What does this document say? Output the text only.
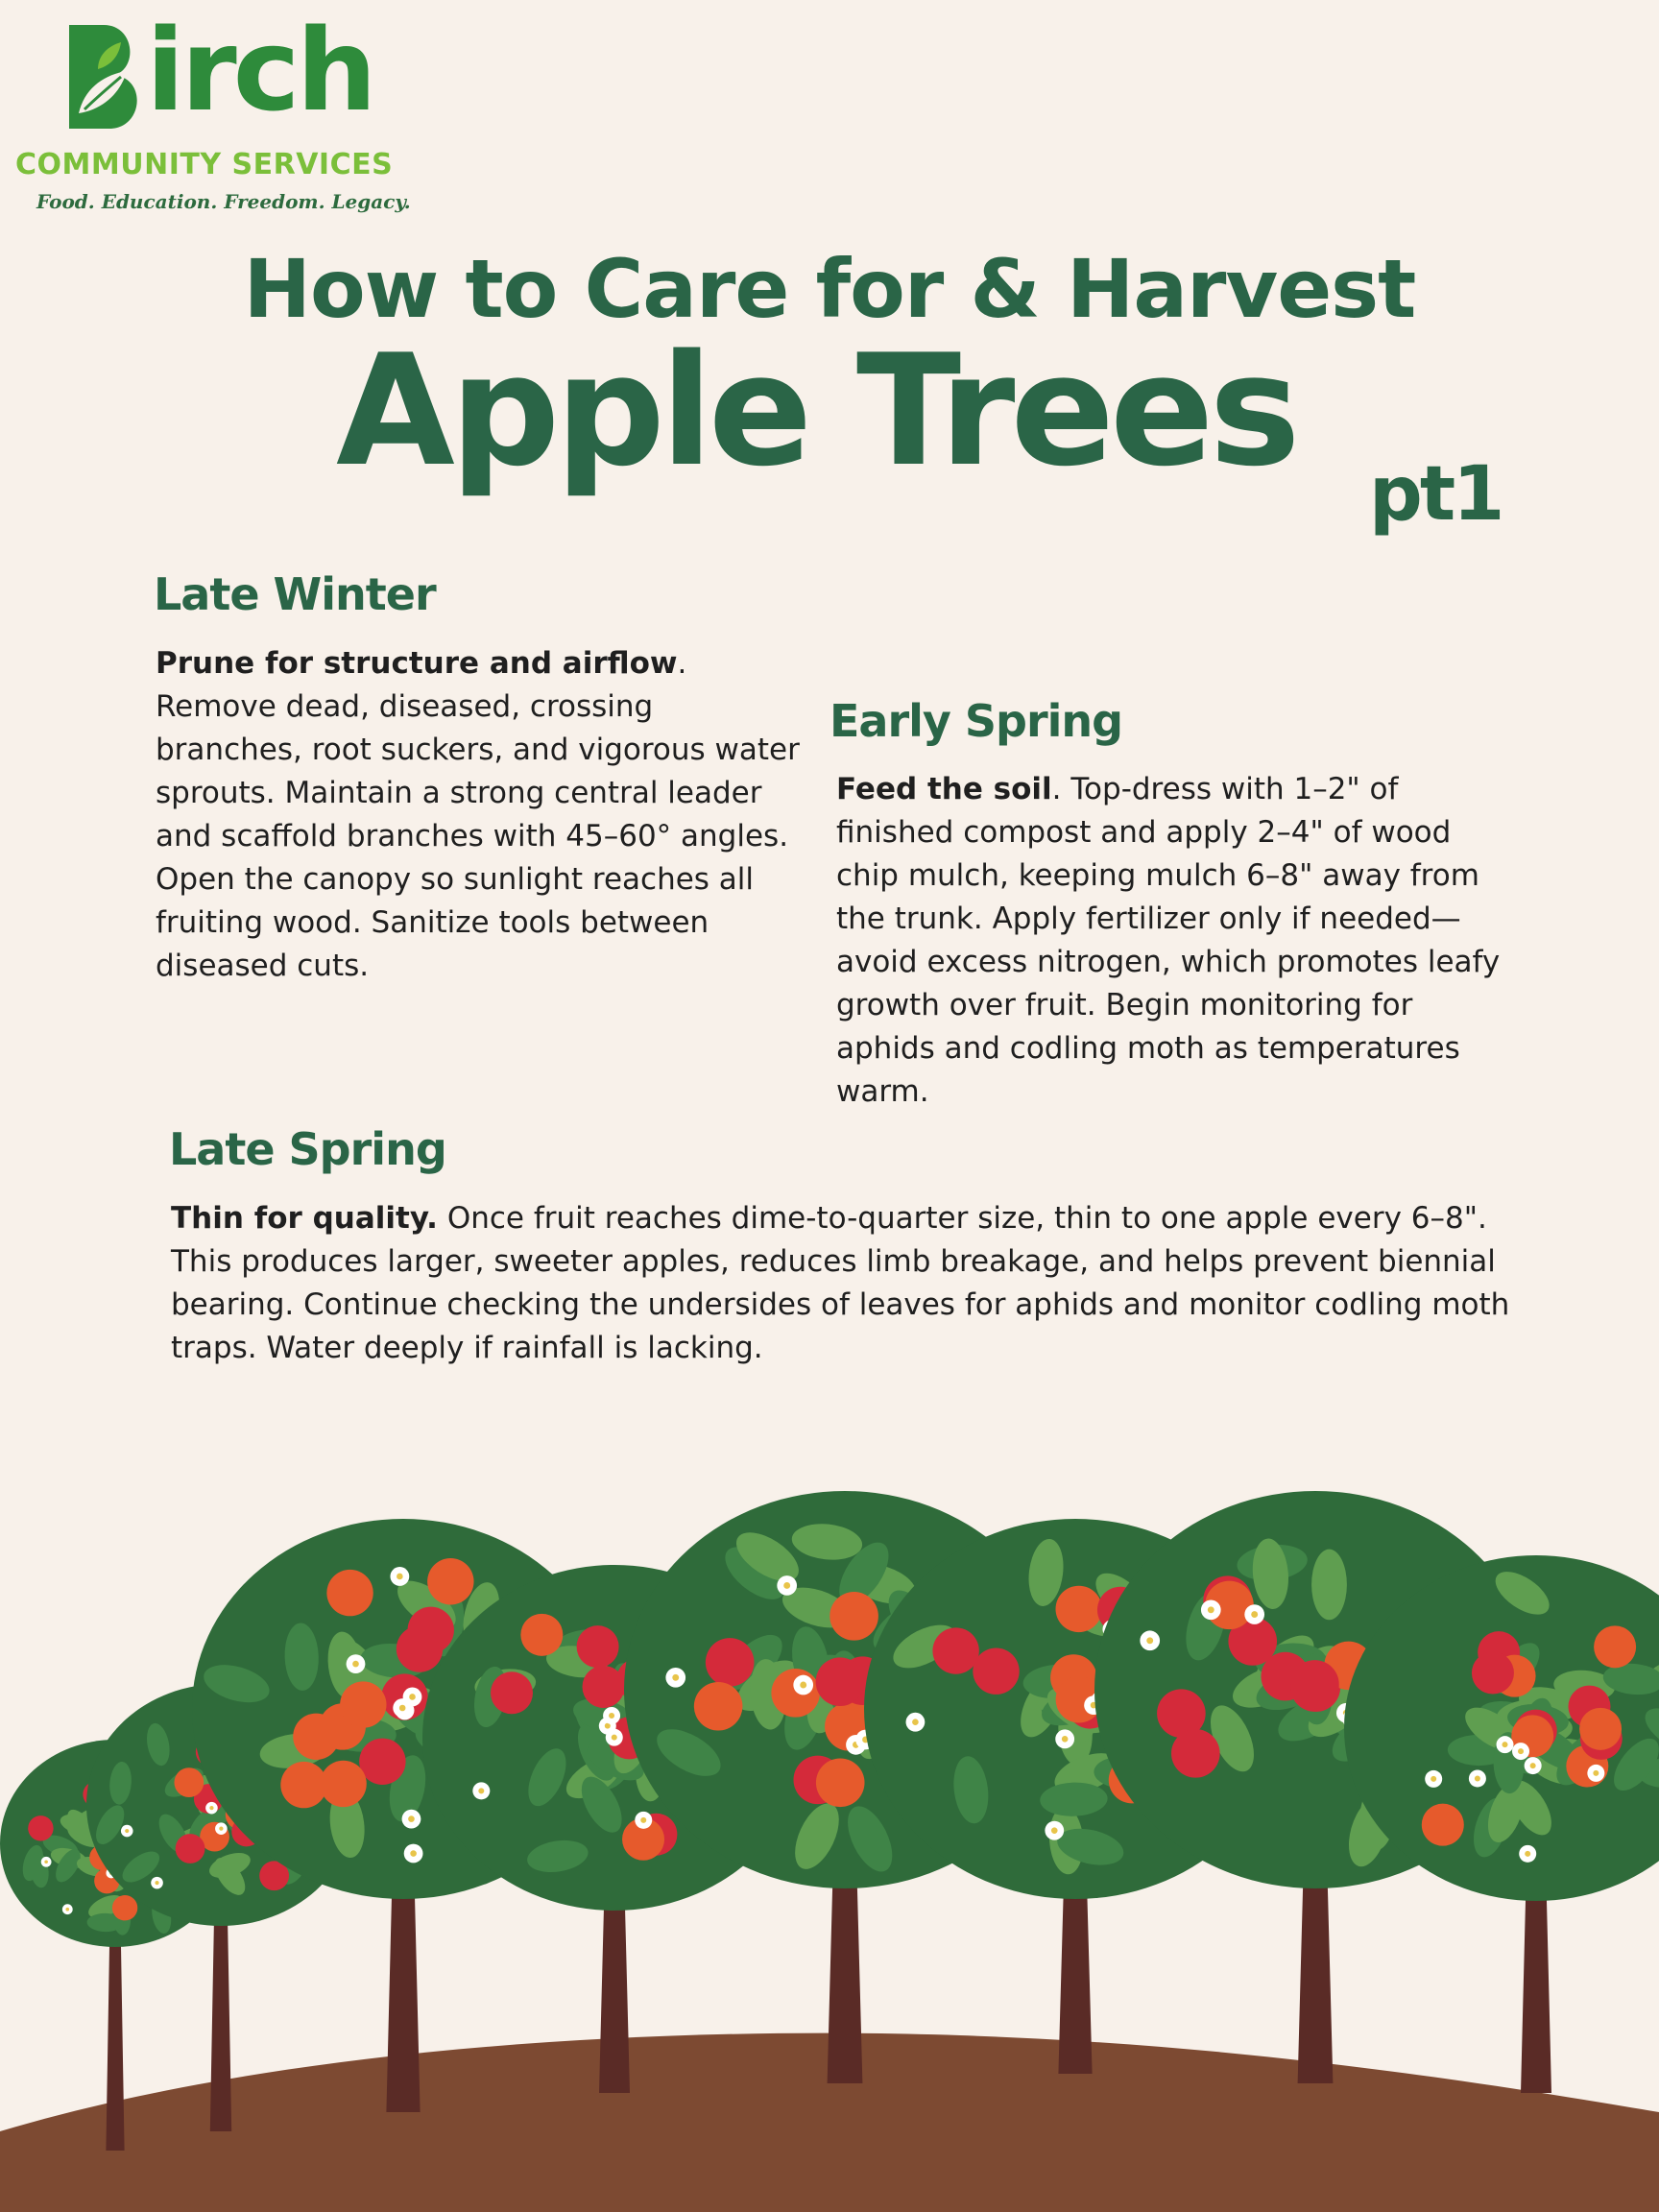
irch
COMMUNITY SERVICES
Food. Education. Freedom. Legacy.
How to Care for & Harvest
Apple Trees pt1
Late Winter

Prune for structure and airflow. Remove dead, diseased, crossing branches, root suckers, and vigorous water sprouts. Maintain a strong central leader and scaffold branches with 45–60° angles. Open the canopy so sunlight reaches all fruiting wood. Sanitize tools between diseased cuts.

Early Spring

Feed the soil. Top-dress with 1–2" of finished compost and apply 2–4" of wood chip mulch, keeping mulch 6–8" away from the trunk. Apply fertilizer only if needed—avoid excess nitrogen, which promotes leafy growth over fruit. Begin monitoring for aphids and codling moth as temperatures warm.

Late Spring

Thin for quality. Once fruit reaches dime-to-quarter size, thin to one apple every 6–8". This produces larger, sweeter apples, reduces limb breakage, and helps prevent biennial bearing. Continue checking the undersides of leaves for aphids and monitor codling moth traps. Water deeply if rainfall is lacking.
